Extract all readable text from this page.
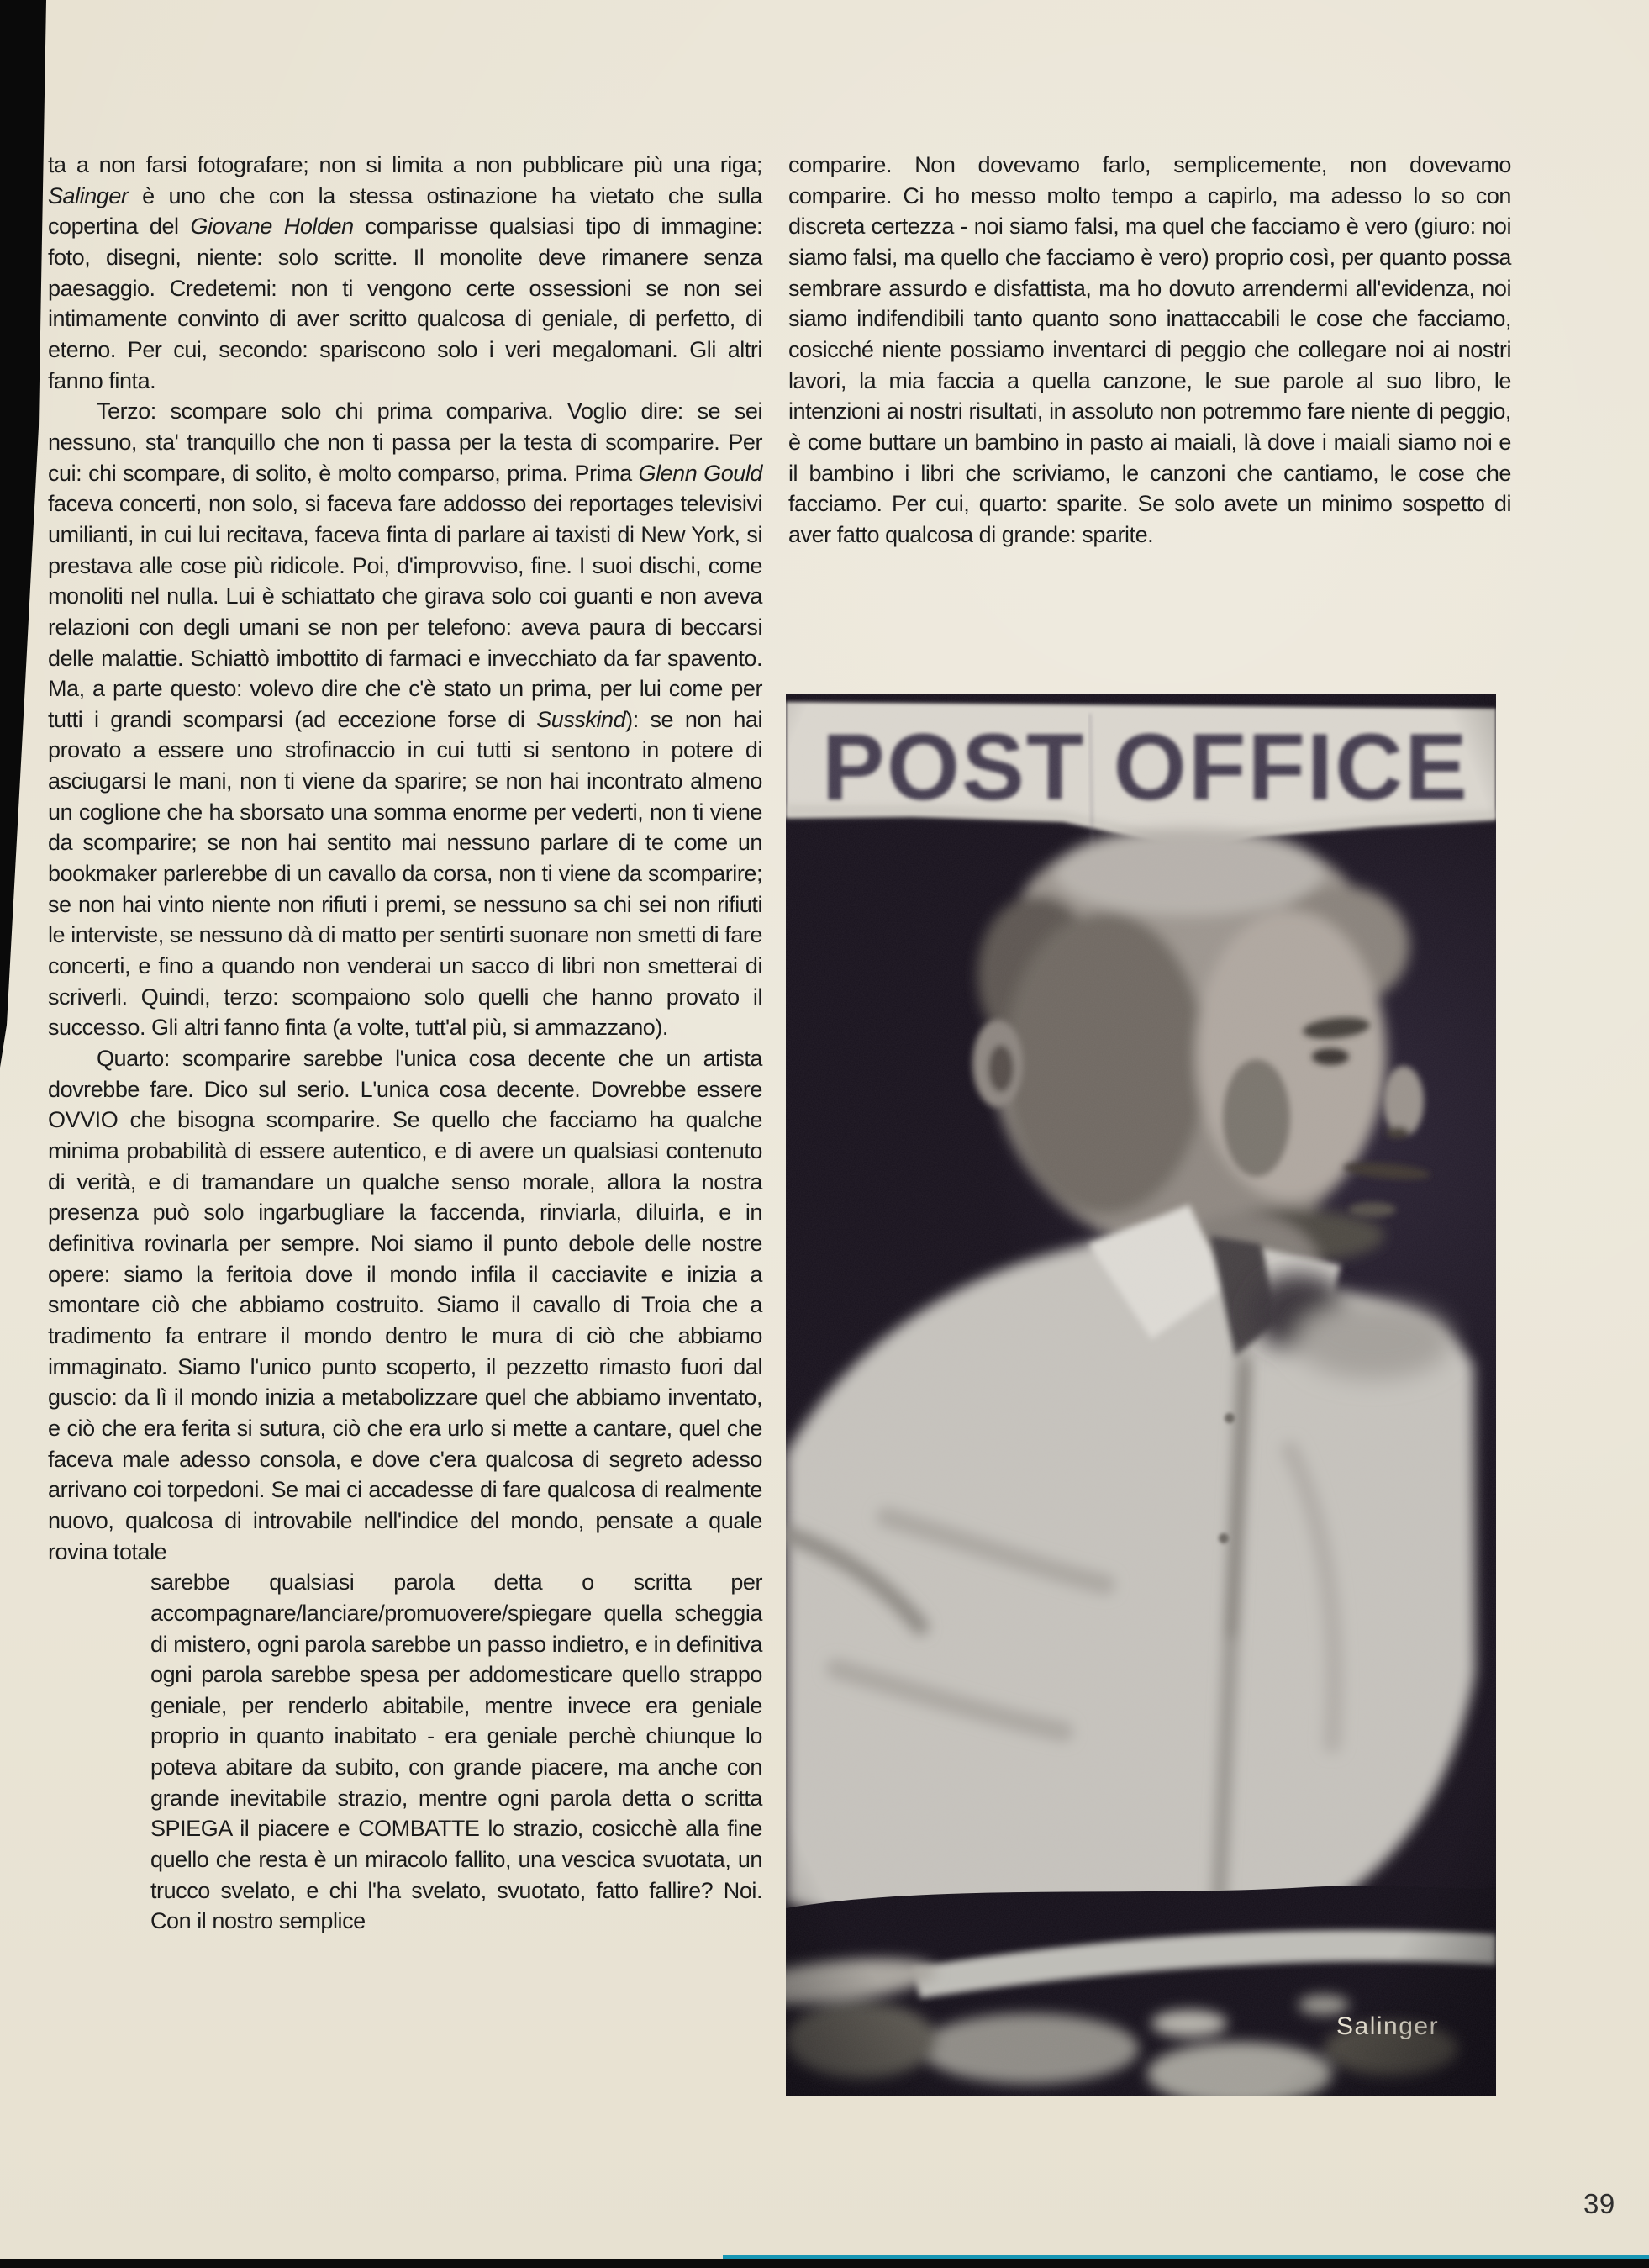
ta a non farsi fotografare; non si limita a non pubblicare più una riga; Salinger è uno che con la stessa ostinazione ha vietato che sulla copertina del Giovane Holden comparisse qualsiasi tipo di immagine: foto, disegni, niente: solo scritte. Il monolite deve rimanere senza paesaggio. Credetemi: non ti vengono certe ossessioni se non sei intimamente convinto di aver scritto qualcosa di geniale, di perfetto, di eterno. Per cui, secondo: spariscono solo i veri megalomani. Gli altri fanno finta.

Terzo: scompare solo chi prima compariva. Voglio dire: se sei nessuno, sta' tranquillo che non ti passa per la testa di scomparire. Per cui: chi scompare, di solito, è molto comparso, prima. Prima Glenn Gould faceva concerti, non solo, si faceva fare addosso dei reportages televisivi umilianti, in cui lui recitava, faceva finta di parlare ai taxisti di New York, si prestava alle cose più ridicole. Poi, d'improvviso, fine. I suoi dischi, come monoliti nel nulla. Lui è schiattato che girava solo coi guanti e non aveva relazioni con degli umani se non per telefono: aveva paura di beccarsi delle malattie. Schiattò imbottito di farmaci e invecchiato da far spavento. Ma, a parte questo: volevo dire che c'è stato un prima, per lui come per tutti i grandi scomparsi (ad eccezione forse di Susskind): se non hai provato a essere uno strofinaccio in cui tutti si sentono in potere di asciugarsi le mani, non ti viene da sparire; se non hai incontrato almeno un coglione che ha sborsato una somma enorme per vederti, non ti viene da scomparire; se non hai sentito mai nessuno parlare di te come un bookmaker parlerebbe di un cavallo da corsa, non ti viene da scomparire; se non hai vinto niente non rifiuti i premi, se nessuno sa chi sei non rifiuti le interviste, se nessuno dà di matto per sentirti suonare non smetti di fare concerti, e fino a quando non venderai un sacco di libri non smetterai di scriverli. Quindi, terzo: scompaiono solo quelli che hanno provato il successo. Gli altri fanno finta (a volte, tutt'al più, si ammazzano).

Quarto: scomparire sarebbe l'unica cosa decente che un artista dovrebbe fare. Dico sul serio. L'unica cosa decente. Dovrebbe essere OVVIO che bisogna scomparire. Se quello che facciamo ha qualche minima probabilità di essere autentico, e di avere un qualsiasi contenuto di verità, e di tramandare un qualche senso morale, allora la nostra presenza può solo ingarbugliare la faccenda, rinviarla, diluirla, e in definitiva rovinarla per sempre. Noi siamo il punto debole delle nostre opere: siamo la feritoia dove il mondo infila il cacciavite e inizia a smontare ciò che abbiamo costruito. Siamo il cavallo di Troia che a tradimento fa entrare il mondo dentro le mura di ciò che abbiamo immaginato. Siamo l'unico punto scoperto, il pezzetto rimasto fuori dal guscio: da lì il mondo inizia a metabolizzare quel che abbiamo inventato, e ciò che era ferita si sutura, ciò che era urlo si mette a cantare, quel che faceva male adesso consola, e dove c'era qualcosa di segreto adesso arrivano coi torpedoni. Se mai ci accadesse di fare qualcosa di realmente nuovo, qualcosa di introvabile nell'indice del mondo, pensate a quale rovina totale

sarebbe qualsiasi parola detta o scritta per accompagnare/lanciare/promuovere/spiegare quella scheggia di mistero, ogni parola sarebbe un passo indietro, e in definitiva ogni parola sarebbe spesa per addomesticare quello strappo geniale, per renderlo abitabile, mentre invece era geniale proprio in quanto inabitato - era geniale perchè chiunque lo poteva abitare da subito, con grande piacere, ma anche con grande inevitabile strazio, mentre ogni parola detta o scritta SPIEGA il piacere e COMBATTE lo strazio, cosicchè alla fine quello che resta è un miracolo fallito, una vescica svuotata, un trucco svelato, e chi l'ha svelato, svuotato, fatto fallire? Noi. Con il nostro semplice

comparire. Non dovevamo farlo, semplicemente, non dovevamo comparire. Ci ho messo molto tempo a capirlo, ma adesso lo so con discreta certezza - noi siamo falsi, ma quel che facciamo è vero (giuro: noi siamo falsi, ma quello che facciamo è vero) proprio così, per quanto possa sembrare assurdo e disfattista, ma ho dovuto arrendermi all'evidenza, noi siamo indifendibili tanto quanto sono inattaccabili le cose che facciamo, cosicché niente possiamo inventarci di peggio che collegare noi ai nostri lavori, la mia faccia a quella canzone, le sue parole al suo libro, le intenzioni ai nostri risultati, in assoluto non potremmo fare niente di peggio, è come buttare un bambino in pasto ai maiali, là dove i maiali siamo noi e il bambino i libri che scriviamo, le canzoni che cantiamo, le cose che facciamo. Per cui, quarto: sparite. Se solo avete un minimo sospetto di aver fatto qualcosa di grande: sparite.

39
